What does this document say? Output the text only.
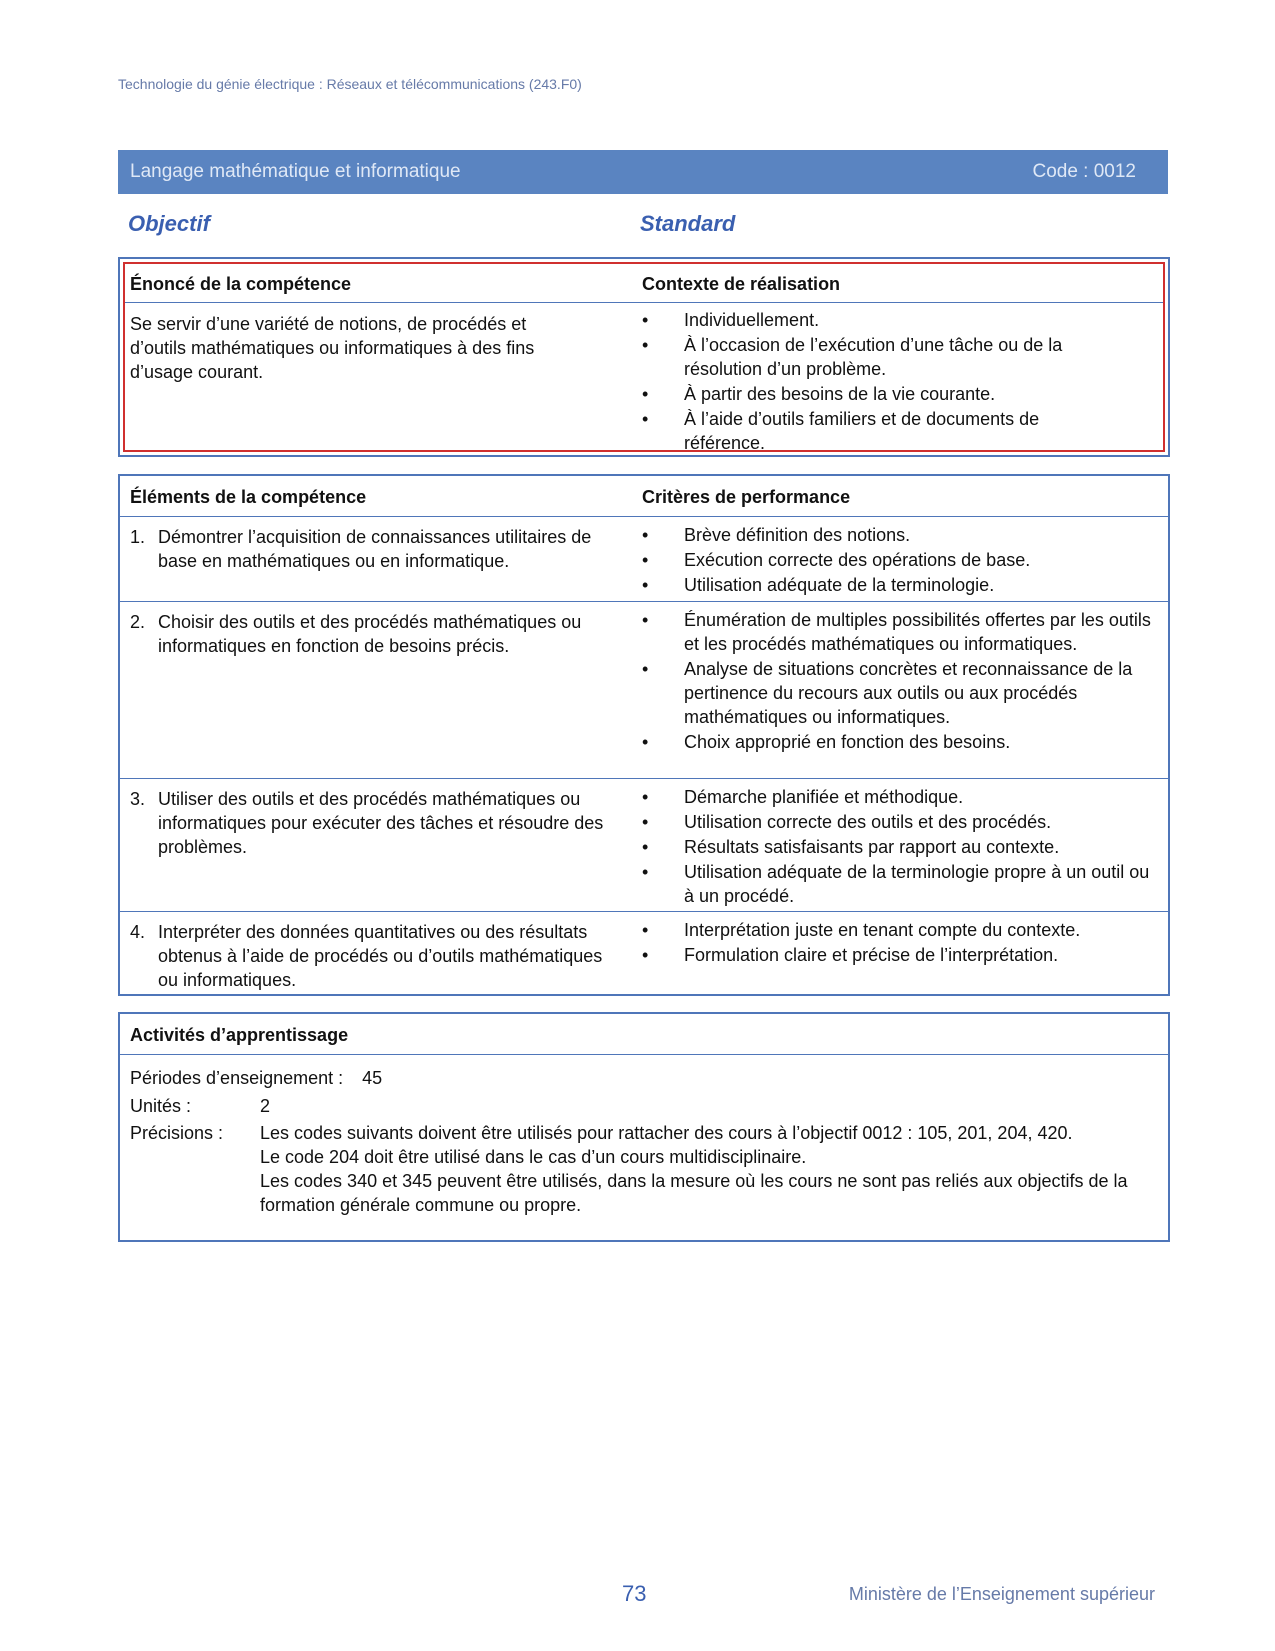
Technologie du génie électrique : Réseaux et télécommunications (243.F0)
Langage mathématique et informatique	Code : 0012
Objectif	Standard
Énoncé de la compétence	Contexte de réalisation
Se servir d’une variété de notions, de procédés et d’outils mathématiques ou informatiques à des fins d’usage courant.
• Individuellement.
• À l’occasion de l’exécution d’une tâche ou de la résolution d’un problème.
• À partir des besoins de la vie courante.
• À l’aide d’outils familiers et de documents de référence.
Éléments de la compétence	Critères de performance
1. Démontrer l’acquisition de connaissances utilitaires de base en mathématiques ou en informatique.
• Brève définition des notions.
• Exécution correcte des opérations de base.
• Utilisation adéquate de la terminologie.
2. Choisir des outils et des procédés mathématiques ou informatiques en fonction de besoins précis.
• Énumération de multiples possibilités offertes par les outils et les procédés mathématiques ou informatiques.
• Analyse de situations concrètes et reconnaissance de la pertinence du recours aux outils ou aux procédés mathématiques ou informatiques.
• Choix approprié en fonction des besoins.
3. Utiliser des outils et des procédés mathématiques ou informatiques pour exécuter des tâches et résoudre des problèmes.
• Démarche planifiée et méthodique.
• Utilisation correcte des outils et des procédés.
• Résultats satisfaisants par rapport au contexte.
• Utilisation adéquate de la terminologie propre à un outil ou à un procédé.
4. Interpréter des données quantitatives ou des résultats obtenus à l’aide de procédés ou d’outils mathématiques ou informatiques.
• Interprétation juste en tenant compte du contexte.
• Formulation claire et précise de l’interprétation.
Activités d’apprentissage
Périodes d’enseignement : 45
Unités :	2
Précisions : Les codes suivants doivent être utilisés pour rattacher des cours à l’objectif 0012 : 105, 201, 204, 420.
Le code 204 doit être utilisé dans le cas d’un cours multidisciplinaire.
Les codes 340 et 345 peuvent être utilisés, dans la mesure où les cours ne sont pas reliés aux objectifs de la formation générale commune ou propre.
73	Ministère de l’Enseignement supérieur
